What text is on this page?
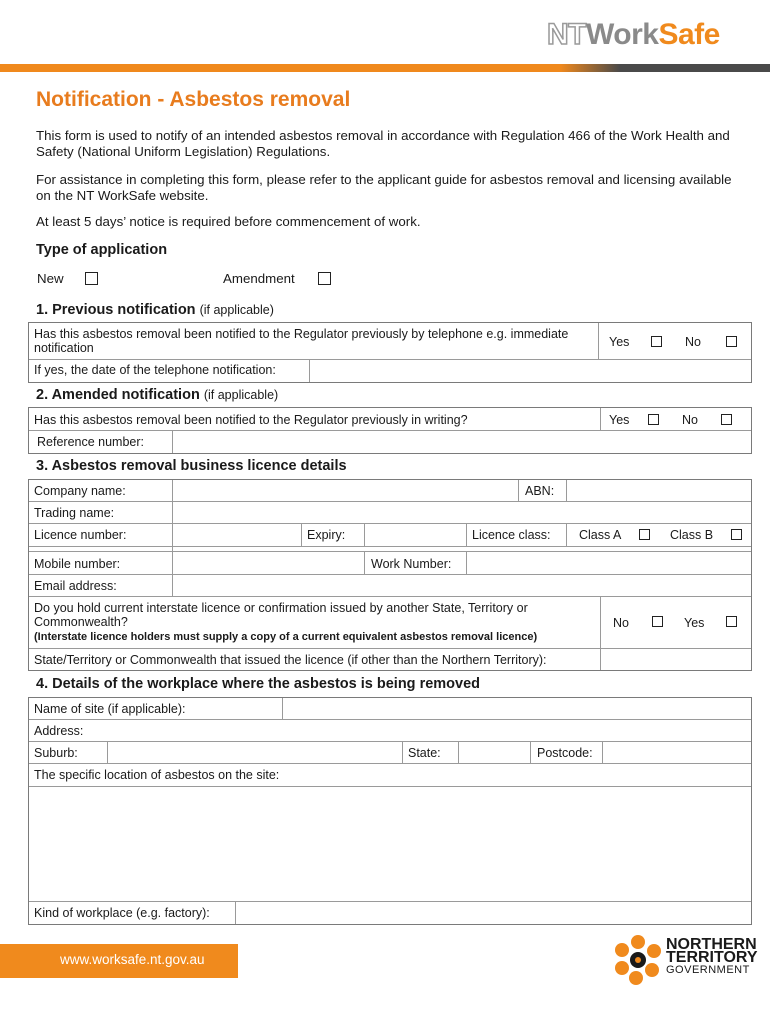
NTWorkSafe
Notification - Asbestos removal
This form is used to notify of an intended asbestos removal in accordance with Regulation 466 of the Work Health and Safety (National Uniform Legislation) Regulations.
For assistance in completing this form, please refer to the applicant guide for asbestos removal and licensing available on the NT WorkSafe website.
At least 5 days’ notice is required before commencement of work.
Type of application
New	Amendment
1. Previous notification (if applicable)
Has this asbestos removal been notified to the Regulator previously by telephone e.g. immediate notification	Yes	No
If yes, the date of the telephone notification:
2. Amended notification (if applicable)
Has this asbestos removal been notified to the Regulator previously in writing?	Yes	No
Reference number:
3. Asbestos removal business licence details
Company name:	ABN:
Trading name:
Licence number:	Expiry:	Licence class: Class A	Class B
Mobile number:	Work Number:
Email address:
Do you hold current interstate licence or confirmation issued by another State, Territory or Commonwealth?
(Interstate licence holders must supply a copy of a current equivalent asbestos removal licence)
No	Yes
State/Territory or Commonwealth that issued the licence (if other than the Northern Territory):
4. Details of the workplace where the asbestos is being removed
Name of site (if applicable):
Address:
Suburb:	State:	Postcode:
The specific location of asbestos on the site:
Kind of workplace (e.g. factory):
www.worksafe.nt.gov.au
NORTHERN
TERRITORY
GOVERNMENT
